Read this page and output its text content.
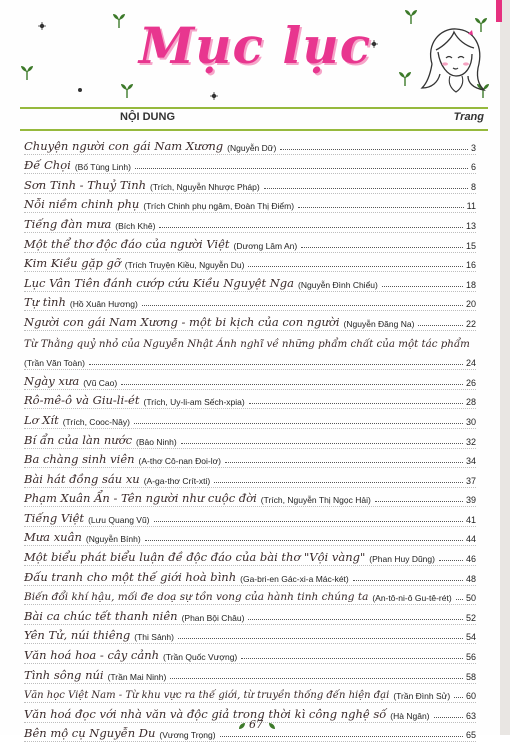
Mục lục
NỘI DUNG	Trang
Chuyện người con gái Nam Xương (Nguyễn Dữ)	3
Đế Chọi (Bố Tùng Linh)	6
Sơn Tinh - Thuỷ Tinh (Trích, Nguyễn Nhược Pháp)	8
Nỗi niềm chinh phụ (Trích Chinh phụ ngâm, Đoàn Thị Điểm)	11
Tiếng đàn mưa (Bích Khê)	13
Một thể thơ độc đáo của người Việt (Dương Lâm An)	15
Kim Kiều gặp gỡ (Trích Truyện Kiều, Nguyễn Du)	16
Lục Vân Tiên đánh cướp cứu Kiều Nguyệt Nga (Nguyễn Đình Chiểu)	18
Tự tình (Hồ Xuân Hương)	20
Người con gái Nam Xương - một bi kịch của con người (Nguyễn Đăng Na)	22
Từ Thằng quỷ nhỏ của Nguyễn Nhật Ánh nghĩ về những phẩm chất của một tác phẩm
(Trần Văn Toàn)	24
Ngày xưa (Vũ Cao)	26
Rô-mê-ô và Giu-li-ét (Trích, Uy-li-am Sếch-xpia)	28
Lơ Xít (Trích, Cooc-Nây)	30
Bí ẩn của làn nước (Bảo Ninh)	32
Ba chàng sinh viên (A-thơ Cô-nan Đoi-lơ)	34
Bài hát đồng sáu xu (A-ga-thơ Crít-xti)	37
Phạm Xuân Ẩn - Tên người như cuộc đời (Trích, Nguyễn Thị Ngọc Hải)	39
Tiếng Việt (Lưu Quang Vũ)	41
Mưa xuân (Nguyễn Bính)	44
Một biểu phát biểu luận đề độc đáo của bài thơ "Vội vàng" (Phan Huy Dũng)	46
Đấu tranh cho một thế giới hoà bình (Ga-bri-en Gác-xi-a Mác-két)	48
Biến đổi khí hậu, mối đe doạ sự tồn vong của hành tinh chúng ta (An-tô-ni-ô Gu-tê-rét) 50
Bài ca chúc tết thanh niên (Phan Bội Châu)	52
Yên Tử, núi thiêng (Thi Sảnh)	54
Văn hoá hoa - cây cảnh (Trần Quốc Vượng)	56
Tình sông núi (Trần Mai Ninh)	58
Văn học Việt Nam - Từ khu vực ra thế giới, từ truyền thống đến hiện đại (Trần Đình Sử) 60
Văn hoá đọc với nhà văn và độc giả trong thời kì công nghệ số (Hà Ngân)	63
Bên mộ cụ Nguyễn Du (Vương Trọng)	65
67
